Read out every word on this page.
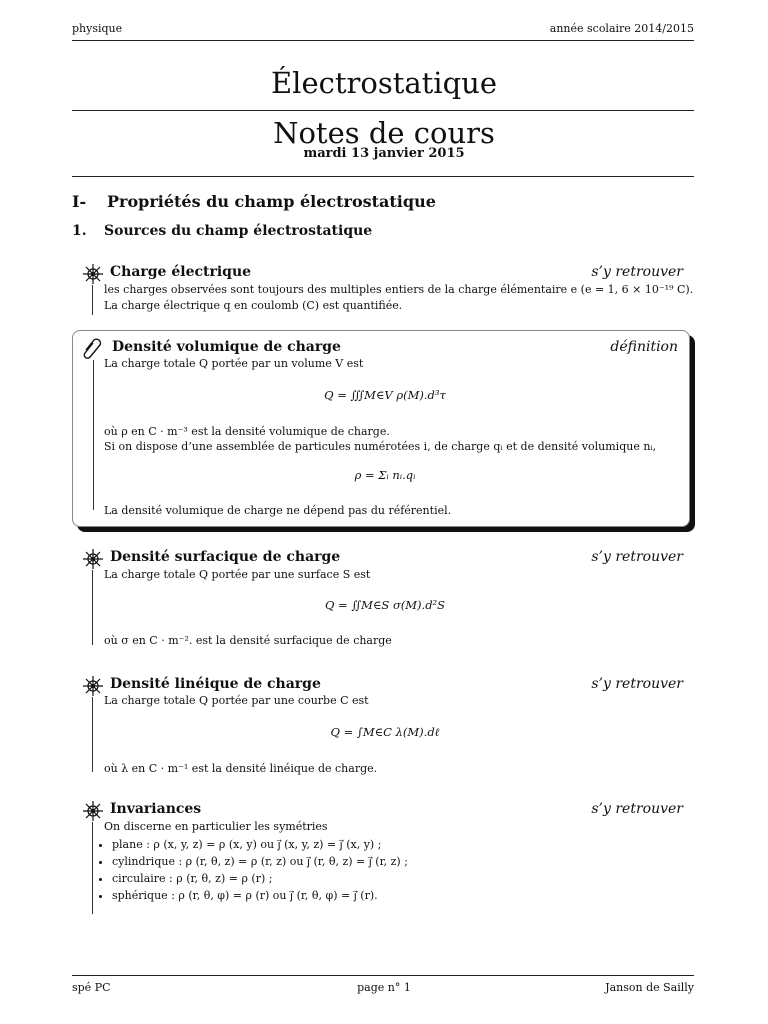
physique	année scolaire 2014/2015
Électrostatique
Notes de cours
mardi 13 janvier 2015
I- Propriétés du champ électrostatique
1. Sources du champ électrostatique
Charge électrique	s’y retrouver
les charges observées sont toujours des multiples entiers de la charge élémentaire e (e = 1, 6 × 10⁻¹⁹ C).
La charge électrique q en coulomb (C) est quantifiée.
Densité volumique de charge	définition
La charge totale Q portée par un volume V est
Q = ∭M∈V ρ(M).d³τ
où ρ en C · m⁻³ est la densité volumique de charge.
Si on dispose d’une assemblée de particules numérotées i, de charge qᵢ et de densité volumique nᵢ,
ρ = Σᵢ nᵢ.qᵢ
La densité volumique de charge ne dépend pas du référentiel.
Densité surfacique de charge	s’y retrouver
La charge totale Q portée par une surface S est
Q = ∬M∈S σ(M).d²S
où σ en C · m⁻². est la densité surfacique de charge
Densité linéique de charge	s’y retrouver
La charge totale Q portée par une courbe C est
Q = ∫M∈C λ(M).dℓ
où λ en C · m⁻¹ est la densité linéique de charge.
Invariances	s’y retrouver
On discerne en particulier les symétries
• plane : ρ (x, y, z) = ρ (x, y) ou j⃗ (x, y, z) = j⃗ (x, y) ;
• cylindrique : ρ (r, θ, z) = ρ (r, z) ou j⃗ (r, θ, z) = j⃗ (r, z) ;
• circulaire : ρ (r, θ, z) = ρ (r) ;
• sphérique : ρ (r, θ, φ) = ρ (r) ou j⃗ (r, θ, φ) = j⃗ (r).
spé PC	page n° 1	Janson de Sailly
